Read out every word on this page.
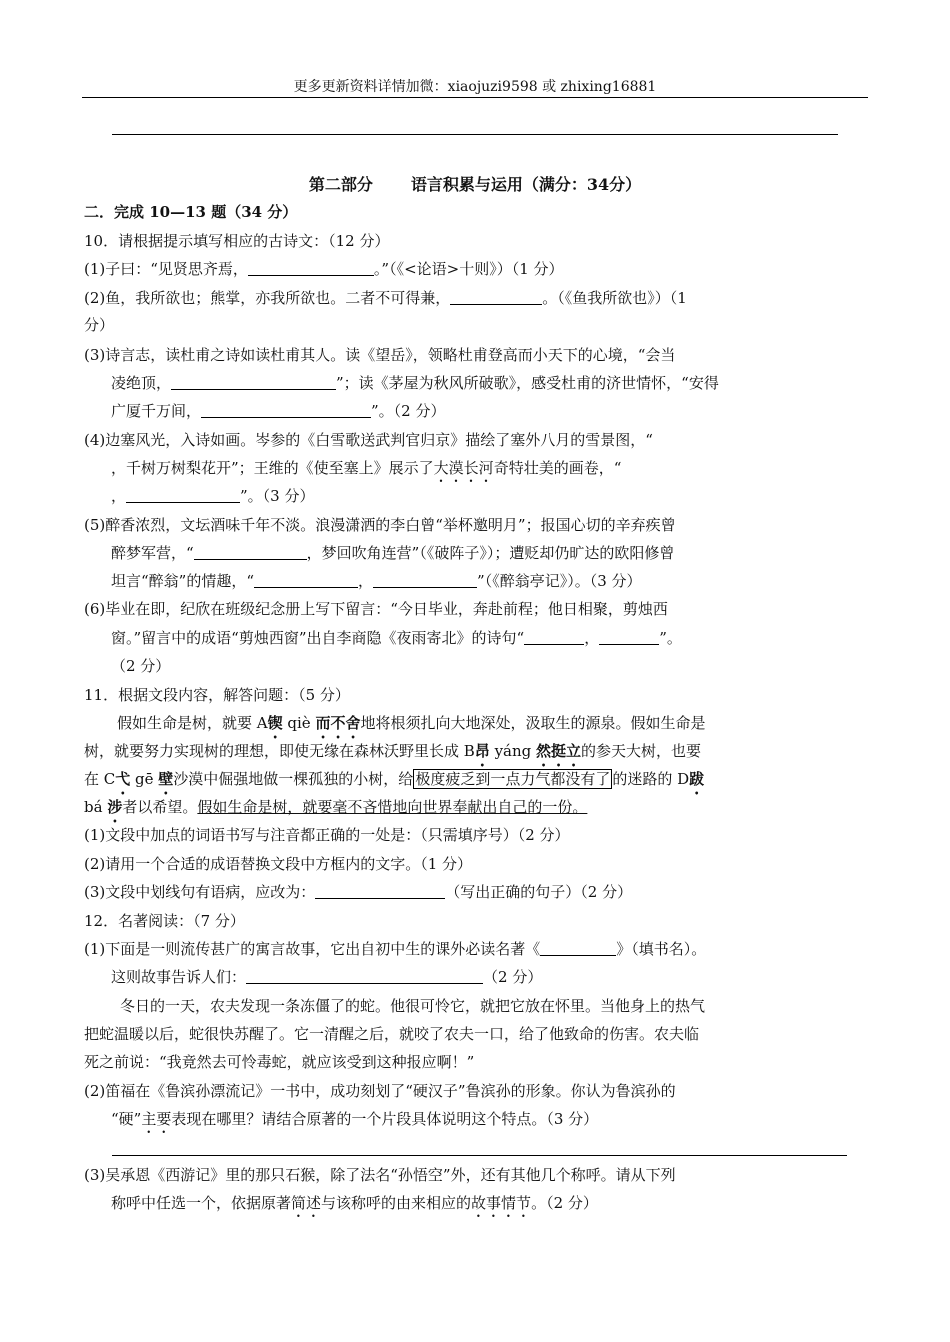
更多更新资料详情加微：xiaojuzi9598 或 zhixing16881
第二部分 语言积累与运用（满分：34分）
二．完成 10—13 题（34 分）
10．请根据提示填写相应的古诗文：（12 分）
(1)子曰：“见贤思齐焉，	。”（《<论语>十则》）（1 分）
(2)鱼，我所欲也；熊掌，亦我所欲也。二者不可得兼，	。（《鱼我所欲也》）（1
分）
(3)诗言志，读杜甫之诗如读杜甫其人。读《望岳》，领略杜甫登高而小天下的心境，“会当
凌绝顶，	”；读《茅屋为秋风所破歌》，感受杜甫的济世情怀，“安得
广厦千万间，	”。（2 分）
(4)边塞风光，入诗如画。岑参的《白雪歌送武判官归京》描绘了塞外八月的雪景图，“
，千树万树梨花开”；王维的《使至塞上》展示了大漠长河奇特壮美的画卷，“
，	”。（3 分）
(5)醉香浓烈，文坛酒味千年不淡。浪漫潇洒的李白曾“举杯邀明月”；报国心切的辛弃疾曾
醉梦军营，“	，梦回吹角连营”（《破阵子》）；遭贬却仍旷达的欧阳修曾
坦言“醉翁”的情趣，“	，	”（《醉翁亭记》）。（3 分）
(6)毕业在即，纪欣在班级纪念册上写下留言：“今日毕业，奔赴前程；他日相聚，剪烛西
窗。”留言中的成语“剪烛西窗”出自李商隐《夜雨寄北》的诗句“	，	”。
（2 分）
11．根据文段内容，解答问题：（5 分）
假如生命是树，就要 A锲 qiè 而不舍地将根须扎向大地深处，汲取生的源泉。假如生命是
树，就要努力实现树的理想，即使无缘在森林沃野里长成 B昂 yáng 然挺立的参天大树，也要
在 C弋 gē 壁沙漠中倔强地做一棵孤独的小树，给 极度疲乏到一点力气都没有了 的迷路的 D跋
bá 涉者以希望。假如生命是树，就要毫不吝惜地向世界奉献出自己的一份。
(1)文段中加点的词语书写与注音都正确的一处是：（只需填序号）（2 分）
(2)请用一个合适的成语替换文段中方框内的文字。（1 分）
(3)文段中划线句有语病，应改为：	（写出正确的句子）（2 分）
12．名著阅读：（7 分）
(1)下面是一则流传甚广的寓言故事，它出自初中生的课外必读名著《	》（填书名）。
这则故事告诉人们：	（2 分）
冬日的一天，农夫发现一条冻僵了的蛇。他很可怜它，就把它放在怀里。当他身上的热气
把蛇温暖以后，蛇很快苏醒了。它一清醒之后，就咬了农夫一口，给了他致命的伤害。农夫临
死之前说：“我竟然去可怜毒蛇，就应该受到这种报应啊！”
(2)笛福在《鲁滨孙漂流记》一书中，成功刻划了“硬汉子”鲁滨孙的形象。你认为鲁滨孙的
“硬”主要表现在哪里？请结合原著的一个片段具体说明这个特点。（3 分）
(3)吴承恩《西游记》里的那只石猴，除了法名“孙悟空”外，还有其他几个称呼。请从下列
称呼中任选一个，依据原著简述与该称呼的由来相应的故事情节。（2 分）
